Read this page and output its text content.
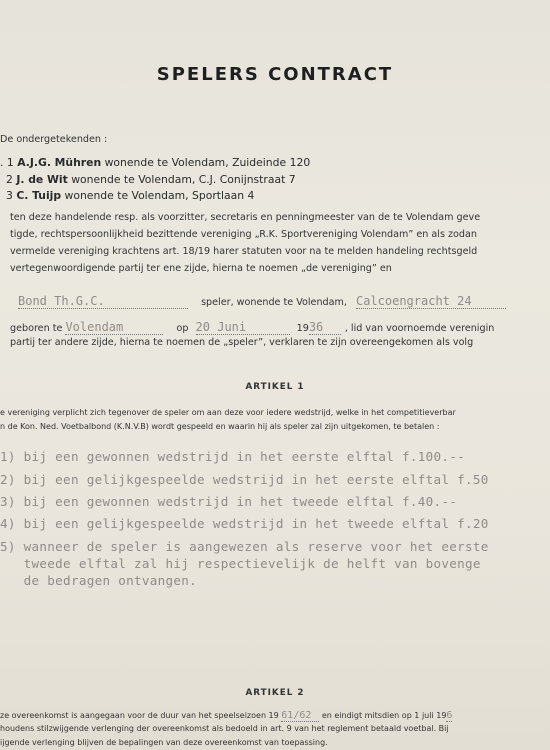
SPELERS CONTRACT
De ondergetekenden :
. 1 A.J.G. Mühren wonende te Volendam, Zuideinde 120
2 J. de Wit wonende te Volendam, C.J. Conijnstraat 7
3 C. Tuijp wonende te Volendam, Sportlaan 4
ten deze handelende resp. als voorzitter, secretaris en penningmeester van de te Volendam geve
tigde, rechtspersoonlijkheid bezittende vereniging „R.K. Sportvereniging Volendam” en als zodan
vermelde vereniging krachtens art. 18/19 harer statuten voor na te melden handeling rechtsgeld
vertegenwoordigende partij ter ene zijde, hierna te noemen „de vereniging” en
Bond Th.G.C.	speler, wonende te Volendam, Calcoengracht 24
geboren te Volendam	op 20 Juni	1936 , lid van voornoemde verenigin
partij ter andere zijde, hierna te noemen de „speler”, verklaren te zijn overeengekomen als volg
ARTIKEL 1
e vereniging verplicht zich tegenover de speler om aan deze voor iedere wedstrijd, welke in het competitieverbar
n de Kon. Ned. Voetbalbond (K.N.V.B) wordt gespeeld en waarin hij als speler zal zijn uitgekomen, te betalen :
1) bij een gewonnen wedstrijd in het eerste elftal f.100.--
2) bij een gelijkgespeelde wedstrijd in het eerste elftal f.50
3) bij een gewonnen wedstrijd in het tweede elftal f.40.--
4) bij een gelijkgespeelde wedstrijd in het tweede elftal f.20
5) wanneer de speler is aangewezen als reserve voor het eerste
tweede elftal zal hij respectievelijk de helft van bovenge
de bedragen ontvangen.
ARTIKEL 2
ze overeenkomst is aangegaan voor de duur van het speelseizoen 19 61/62 en eindigt mitsdien op 1 juli 196
houdens stilzwijgende verlenging der overeenkomst als bedoeld in art. 9 van het reglement betaald voetbal. Bij
ijgende verlenging blijven de bepalingen van deze overeenkomst van toepassing.
